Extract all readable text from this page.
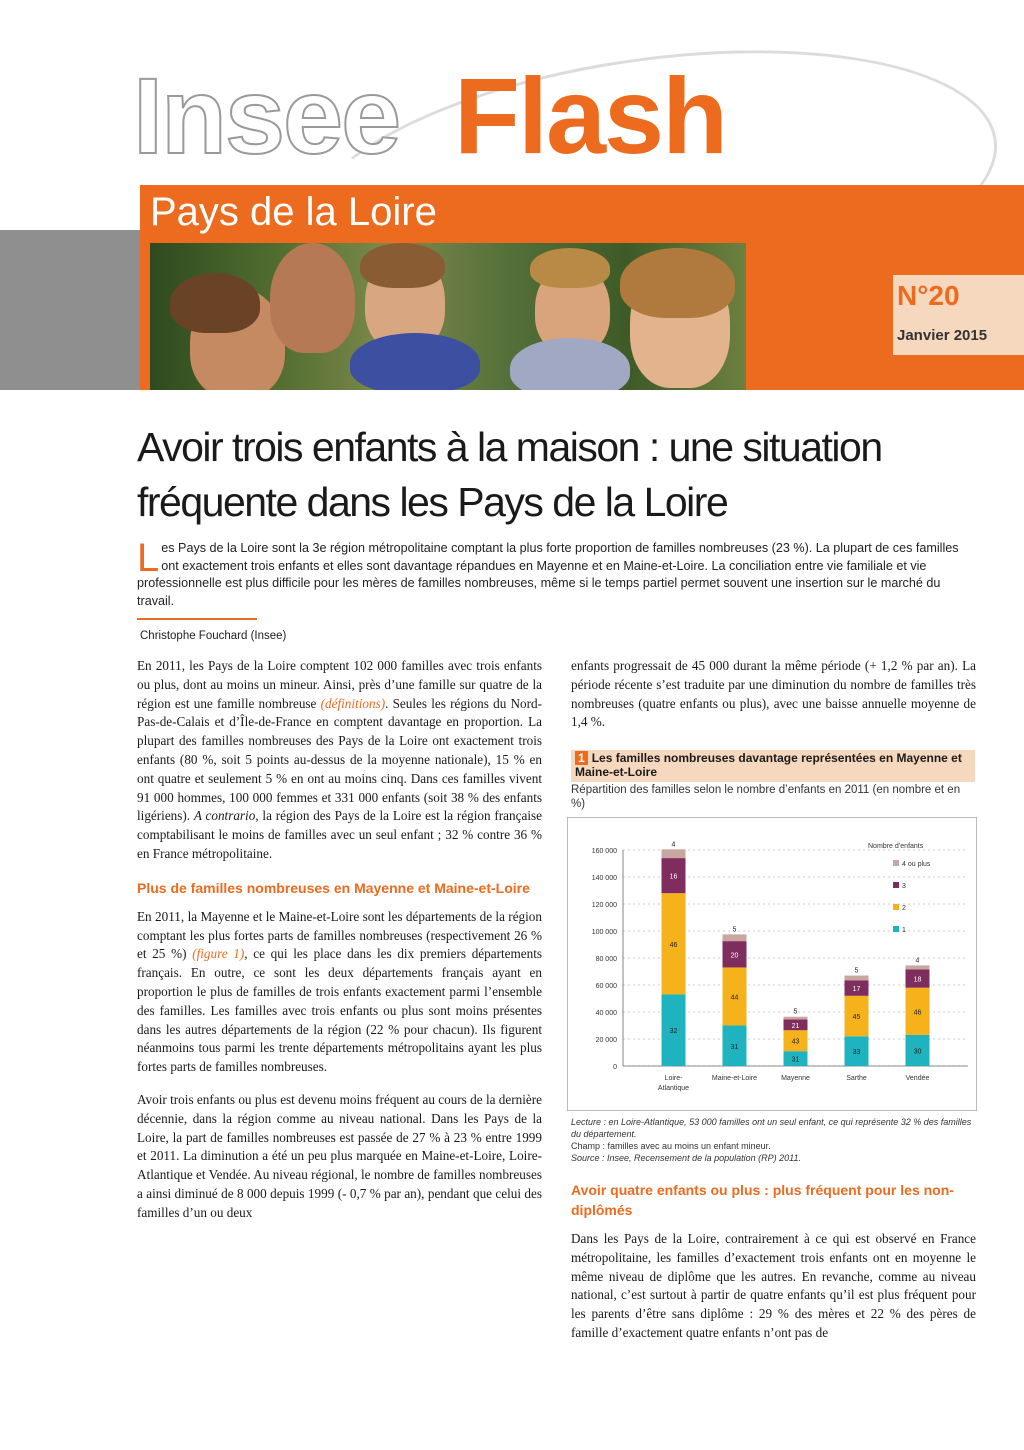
Insee Flash
Pays de la Loire
N°20
Janvier 2015
Avoir trois enfants à la maison : une situation fréquente dans les Pays de la Loire
L es Pays de la Loire sont la 3e région métropolitaine comptant la plus forte proportion de familles nombreuses (23 %). La plupart de ces familles ont exactement trois enfants et elles sont davantage répandues en Mayenne et en Maine-et-Loire. La conciliation entre vie familiale et vie professionnelle est plus difficile pour les mères de familles nombreuses, même si le temps partiel permet souvent une insertion sur le marché du travail.
Christophe Fouchard (Insee)

En 2011, les Pays de la Loire comptent 102 000 familles avec trois enfants ou plus, dont au moins un mineur. Ainsi, près d’une famille sur quatre de la région est une famille nombreuse (définitions). Seules les régions du Nord-Pas-de-Calais et d’Île-de-France en comptent davantage en proportion. La plupart des familles nombreuses des Pays de la Loire ont exactement trois enfants (80 %, soit 5 points au-dessus de la moyenne nationale), 15 % en ont quatre et seulement 5 % en ont au moins cinq. Dans ces familles vivent 91 000 hommes, 100 000 femmes et 331 000 enfants (soit 38 % des enfants ligériens). A contrario, la région des Pays de la Loire est la région française comptabilisant le moins de familles avec un seul enfant ; 32 % contre 36 % en France métropolitaine.

Plus de familles nombreuses en Mayenne et Maine-et-Loire

En 2011, la Mayenne et le Maine-et-Loire sont les départements de la région comptant les plus fortes parts de familles nombreuses (respectivement 26 % et 25 %) (figure 1), ce qui les place dans les dix premiers départements français. En outre, ce sont les deux départements français ayant en proportion le plus de familles de trois enfants exactement parmi l’ensemble des familles. Les familles avec trois enfants ou plus sont moins présentes dans les autres départements de la région (22 % pour chacun). Ils figurent néanmoins tous parmi les trente départements métropolitains ayant les plus fortes parts de familles nombreuses.

Avoir trois enfants ou plus est devenu moins fréquent au cours de la dernière décennie, dans la région comme au niveau national. Dans les Pays de la Loire, la part de familles nombreuses est passée de 27 % à 23 % entre 1999 et 2011. La diminution a été un peu plus marquée en Maine-et-Loire, Loire-Atlantique et Vendée. Au niveau régional, le nombre de familles nombreuses a ainsi diminué de 8 000 depuis 1999 (- 0,7 % par an), pendant que celui des familles d’un ou deux

enfants progressait de 45 000 durant la même période (+ 1,2 % par an). La période récente s’est traduite par une diminution du nombre de familles très nombreuses (quatre enfants ou plus), avec une baisse annuelle moyenne de 1,4 %.

1 Les familles nombreuses davantage représentées en Mayenne et Maine-et-Loire
Répartition des familles selon le nombre d’enfants en 2011 (en nombre et en %)
0
20 000
40 000
60 000
80 000
100 000
120 000
140 000
160 000
32
46
16
4
Loire-Atlantique
31
44
20
5
Maine-et-Loire
31
43
21
5
Mayenne
33
45
17
5
Sarthe
30
46
18
4
Vendée
Nombre d’enfants
4 ou plus
3
2
1
Lecture : en Loire-Atlantique, 53 000 familles ont un seul enfant, ce qui représente 32 % des familles du département.
Champ : familles avec au moins un enfant mineur.
Source : Insee, Recensement de la population (RP) 2011.
Avoir quatre enfants ou plus : plus fréquent pour les non-diplômés

Dans les Pays de la Loire, contrairement à ce qui est observé en France métropolitaine, les familles d’exactement trois enfants ont en moyenne le même niveau de diplôme que les autres. En revanche, comme au niveau national, c’est surtout à partir de quatre enfants qu’il est plus fréquent pour les parents d’être sans diplôme : 29 % des mères et 22 % des pères de famille d’exactement quatre enfants n’ont pas de
